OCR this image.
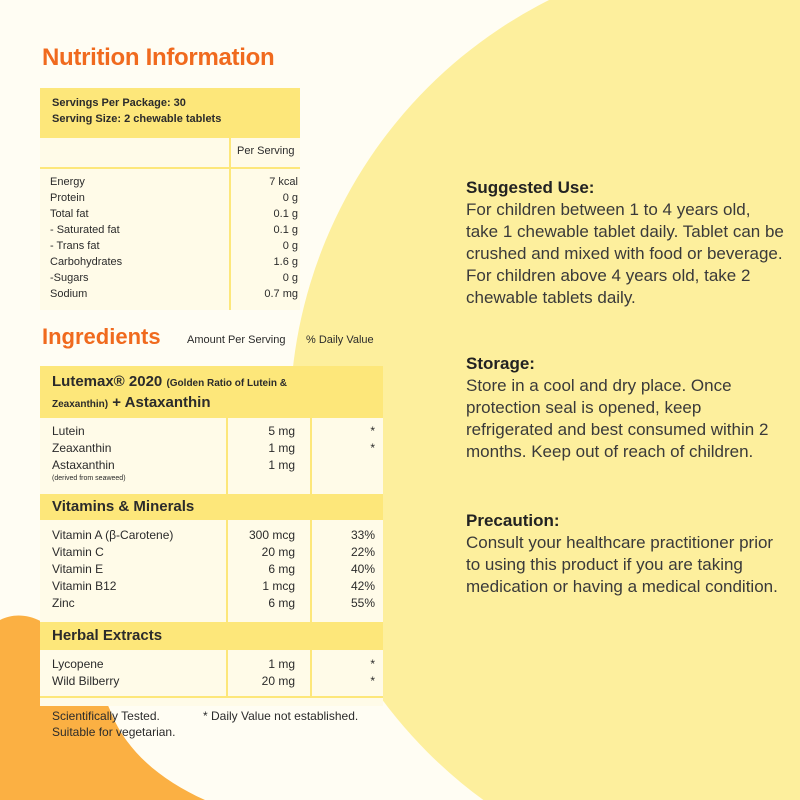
Nutrition Information
Servings Per Package: 30
Serving Size: 2 chewable tablets
Per Serving
Energy	7 kcal
Protein	0 g
Total fat	0.1 g
- Saturated fat	0.1 g
- Trans fat	0 g
Carbohydrates	1.6 g
-Sugars	0 g
Sodium	0.7 mg
Ingredients Amount Per Serving % Daily Value
Lutemax® 2020 (Golden Ratio of Lutein &
Zeaxanthin) + Astaxanthin
Lutein	5 mg	*
Zeaxanthin	1 mg	*
Astaxanthin	1 mg
(derived from seaweed)
Vitamins & Minerals
Vitamin A (β-Carotene)	300 mcg	33%
Vitamin C	20 mg	22%
Vitamin E	6 mg	40%
Vitamin B12	1 mcg	42%
Zinc	6 mg	55%
Herbal Extracts
Lycopene	1 mg	*
Wild Bilberry	20 mg	*
Scientifically Tested.
Suitable for vegetarian.
* Daily Value not established.
Suggested Use:

For children between 1 to 4 years old, take 1 chewable tablet daily. Tablet can be crushed and mixed with food or beverage. For children above 4 years old, take 2 chewable tablets daily.

Storage:

Store in a cool and dry place. Once protection seal is opened, keep refrigerated and best consumed within 2 months. Keep out of reach of children.

Precaution:

Consult your healthcare practitioner prior to using this product if you are taking medication or having a medical condition.
